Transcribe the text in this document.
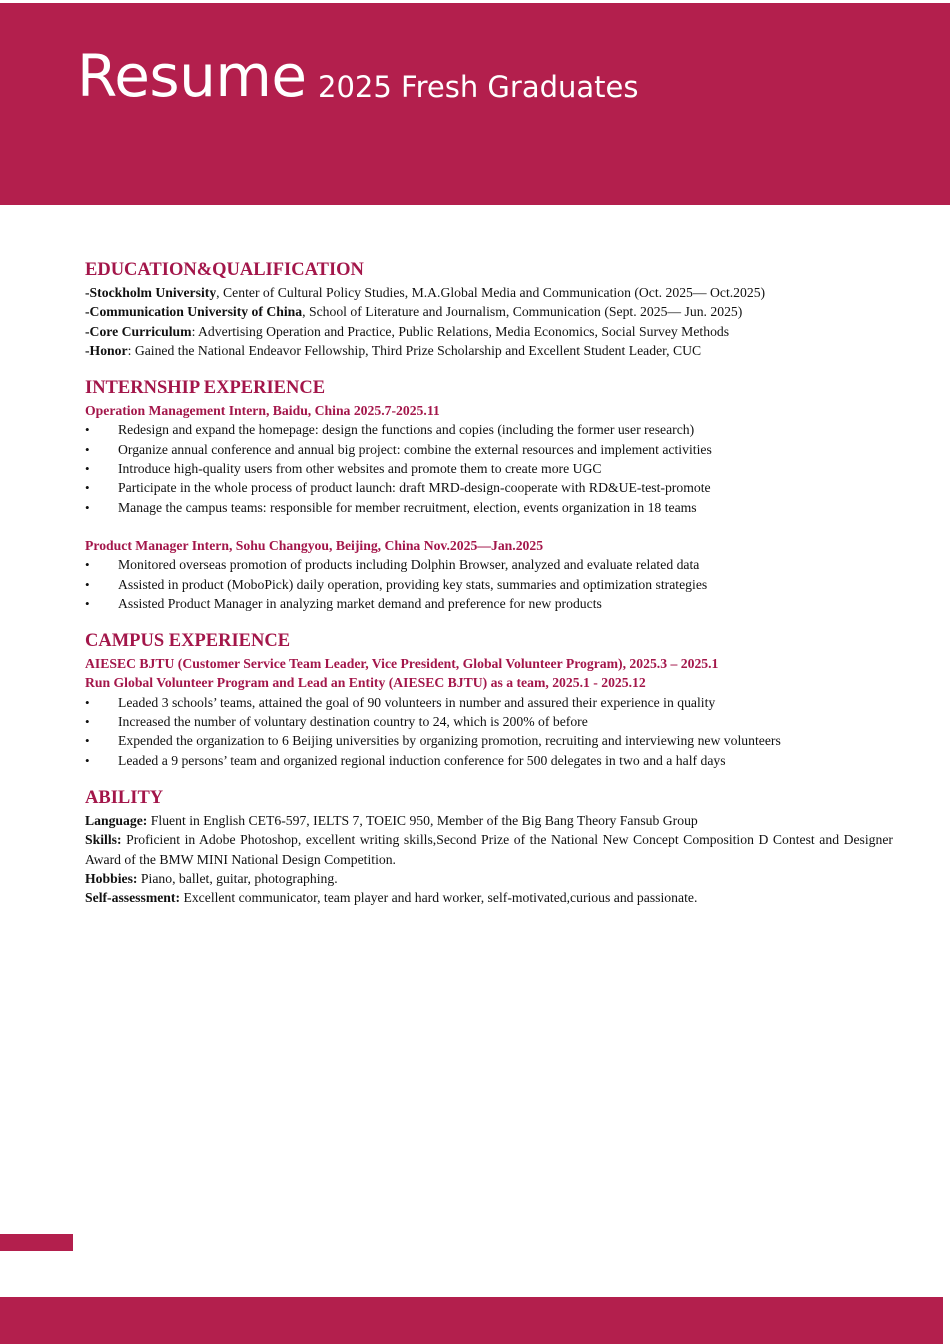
Resume 2025 Fresh Graduates
EDUCATION&QUALIFICATION

-Stockholm University, Center of Cultural Policy Studies, M.A.Global Media and Communication (Oct. 2025— Oct.2025)

-Communication University of China, School of Literature and Journalism, Communication (Sept. 2025— Jun. 2025)

-Core Curriculum: Advertising Operation and Practice, Public Relations, Media Economics, Social Survey Methods

-Honor: Gained the National Endeavor Fellowship, Third Prize Scholarship and Excellent Student Leader, CUC

INTERNSHIP EXPERIENCE
Operation Management Intern, Baidu, China 2025.7-2025.11
• Redesign and expand the homepage: design the functions and copies (including the former user research)
• Organize annual conference and annual big project: combine the external resources and implement activities
• Introduce high-quality users from other websites and promote them to create more UGC
• Participate in the whole process of product launch: draft MRD-design-cooperate with RD&UE-test-promote
• Manage the campus teams: responsible for member recruitment, election, events organization in 18 teams
Product Manager Intern, Sohu Changyou, Beijing, China Nov.2025—Jan.2025
• Monitored overseas promotion of products including Dolphin Browser, analyzed and evaluate related data
• Assisted in product (MoboPick) daily operation, providing key stats, summaries and optimization strategies
• Assisted Product Manager in analyzing market demand and preference for new products
CAMPUS EXPERIENCE
AIESEC BJTU (Customer Service Team Leader, Vice President, Global Volunteer Program), 2025.3 – 2025.1
Run Global Volunteer Program and Lead an Entity (AIESEC BJTU) as a team, 2025.1 - 2025.12
• Leaded 3 schools’ teams, attained the goal of 90 volunteers in number and assured their experience in quality
• Increased the number of voluntary destination country to 24, which is 200% of before
• Expended the organization to 6 Beijing universities by organizing promotion, recruiting and interviewing new volunteers
• Leaded a 9 persons’ team and organized regional induction conference for 500 delegates in two and a half days
ABILITY

Language: Fluent in English CET6-597, IELTS 7, TOEIC 950, Member of the Big Bang Theory Fansub Group

Skills: Proficient in Adobe Photoshop, excellent writing skills,Second Prize of the National New Concept Composition D Contest and Designer Award of the BMW MINI National Design Competition.

Hobbies: Piano, ballet, guitar, photographing.

Self-assessment: Excellent communicator, team player and hard worker, self-motivated,curious and passionate.
